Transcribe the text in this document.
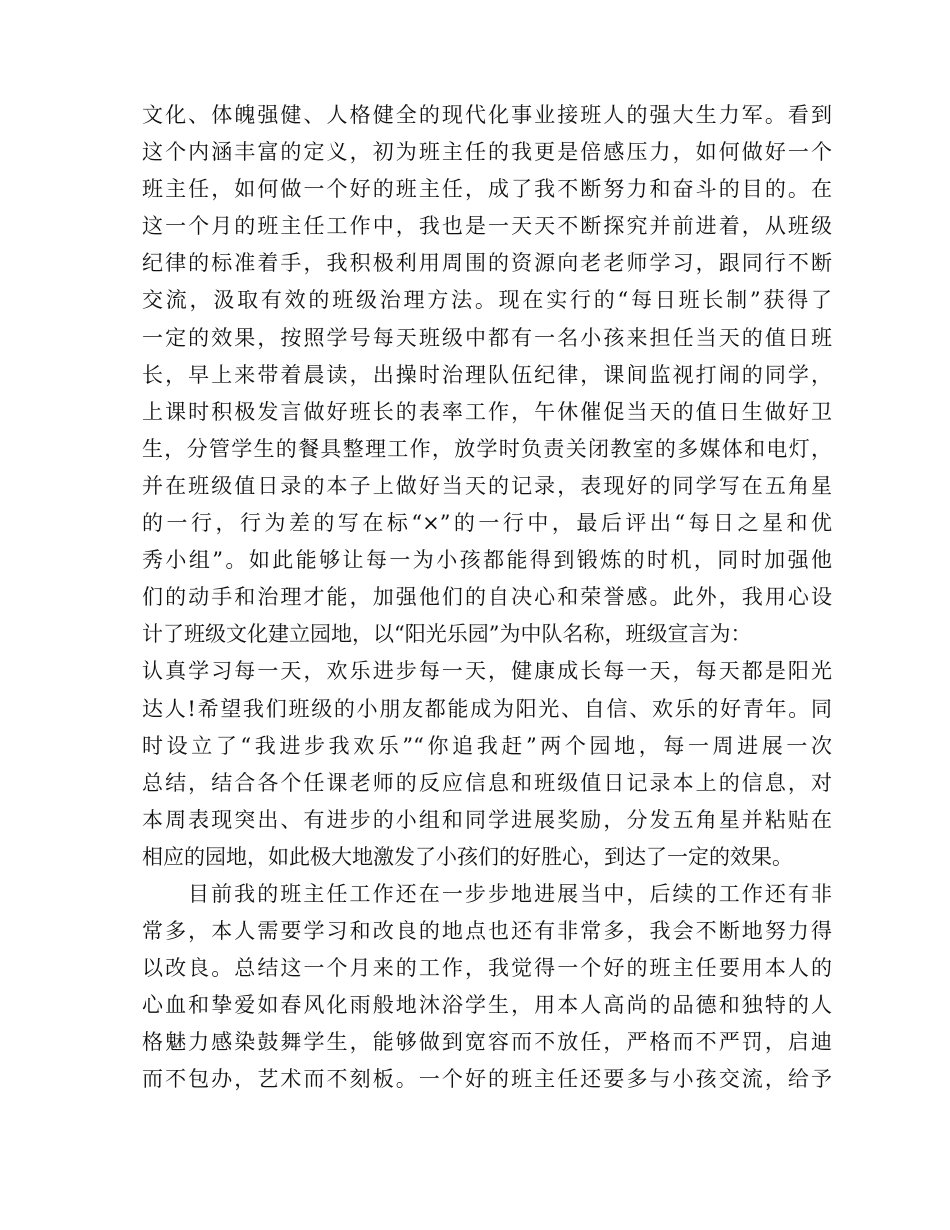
文化、体魄强健、人格健全的现代化事业接班人的强大生力军。看到
这个内涵丰富的定义，初为班主任的我更是倍感压力，如何做好一个
班主任，如何做一个好的班主任，成了我不断努力和奋斗的目的。在
这一个月的班主任工作中，我也是一天天不断探究并前进着，从班级
纪律的标准着手，我积极利用周围的资源向老老师学习，跟同行不断
交流，汲取有效的班级治理方法。现在实行的“每日班长制”获得了
一定的效果，按照学号每天班级中都有一名小孩来担任当天的值日班
长，早上来带着晨读，出操时治理队伍纪律，课间监视打闹的同学，
上课时积极发言做好班长的表率工作，午休催促当天的值日生做好卫
生，分管学生的餐具整理工作，放学时负责关闭教室的多媒体和电灯，
并在班级值日录的本子上做好当天的记录，表现好的同学写在五角星
的一行，行为差的写在标“×”的一行中，最后评出“每日之星和优
秀小组”。如此能够让每一为小孩都能得到锻炼的时机，同时加强他
们的动手和治理才能，加强他们的自决心和荣誉感。此外，我用心设
计了班级文化建立园地，以“阳光乐园”为中队名称，班级宣言为：
认真学习每一天，欢乐进步每一天，健康成长每一天，每天都是阳光
达人!希望我们班级的小朋友都能成为阳光、自信、欢乐的好青年。同
时设立了“我进步我欢乐”“你追我赶”两个园地，每一周进展一次
总结，结合各个任课老师的反应信息和班级值日记录本上的信息，对
本周表现突出、有进步的小组和同学进展奖励，分发五角星并粘贴在
相应的园地，如此极大地激发了小孩们的好胜心，到达了一定的效果。
目前我的班主任工作还在一步步地进展当中，后续的工作还有非
常多，本人需要学习和改良的地点也还有非常多，我会不断地努力得
以改良。总结这一个月来的工作，我觉得一个好的班主任要用本人的
心血和挚爱如春风化雨般地沐浴学生，用本人高尚的品德和独特的人
格魅力感染鼓舞学生，能够做到宽容而不放任，严格而不严罚，启迪
而不包办，艺术而不刻板。一个好的班主任还要多与小孩交流，给予
